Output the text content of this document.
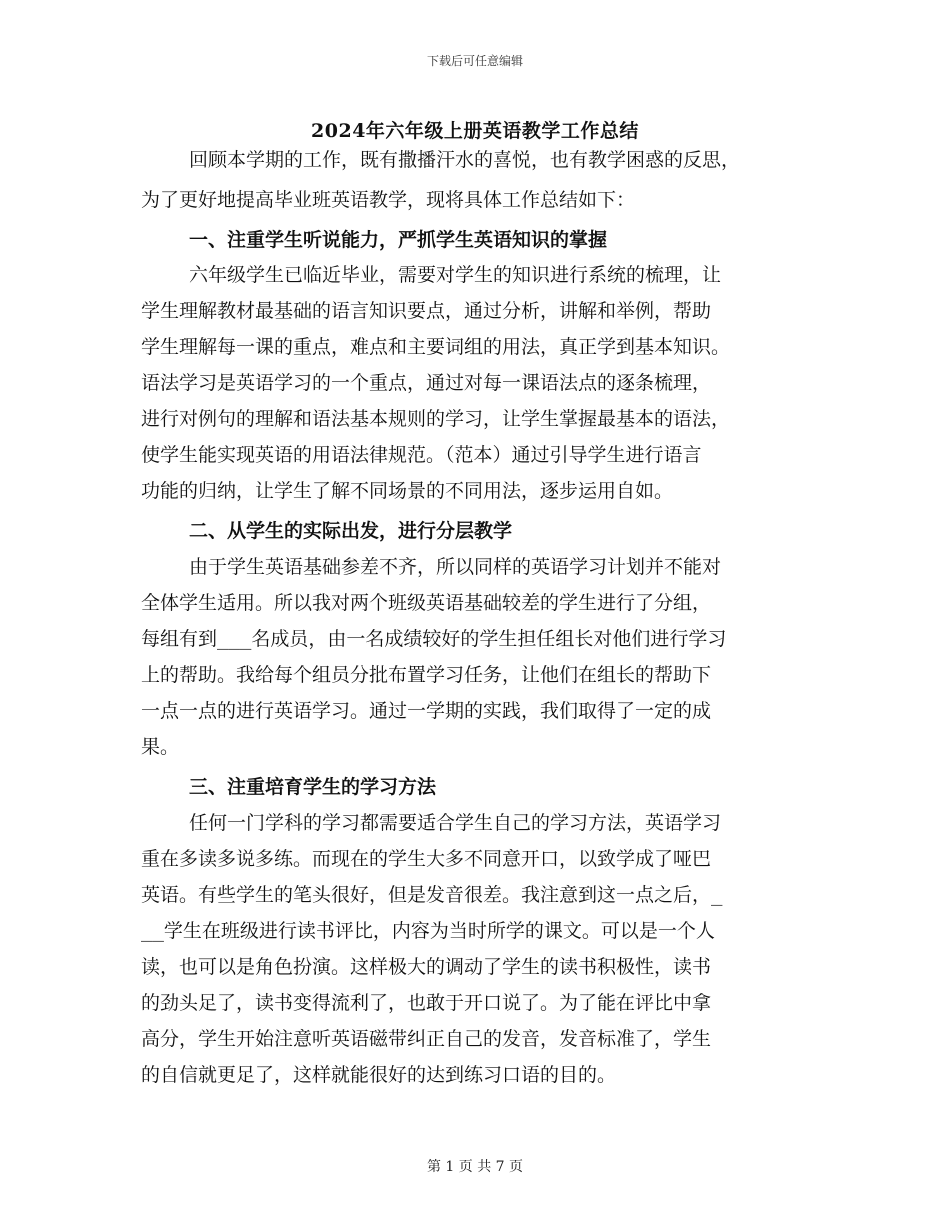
下载后可任意编辑
2024年六年级上册英语教学工作总结
回顾本学期的工作，既有撒播汗水的喜悦，也有教学困惑的反思，
为了更好地提高毕业班英语教学，现将具体工作总结如下：
一、注重学生听说能力，严抓学生英语知识的掌握
六年级学生已临近毕业，需要对学生的知识进行系统的梳理，让
学生理解教材最基础的语言知识要点，通过分析，讲解和举例，帮助
学生理解每一课的重点，难点和主要词组的用法，真正学到基本知识。
语法学习是英语学习的一个重点，通过对每一课语法点的逐条梳理，
进行对例句的理解和语法基本规则的学习，让学生掌握最基本的语法，
使学生能实现英语的用语法律规范。（范本）通过引导学生进行语言
功能的归纳，让学生了解不同场景的不同用法，逐步运用自如。
二、从学生的实际出发，进行分层教学
由于学生英语基础参差不齐，所以同样的英语学习计划并不能对
全体学生适用。所以我对两个班级英语基础较差的学生进行了分组，
每组有到___名成员，由一名成绩较好的学生担任组长对他们进行学习
上的帮助。我给每个组员分批布置学习任务，让他们在组长的帮助下
一点一点的进行英语学习。通过一学期的实践，我们取得了一定的成
果。
三、注重培育学生的学习方法
任何一门学科的学习都需要适合学生自己的学习方法，英语学习
重在多读多说多练。而现在的学生大多不同意开口，以致学成了哑巴
英语。有些学生的笔头很好，但是发音很差。我注意到这一点之后，_
__学生在班级进行读书评比，内容为当时所学的课文。可以是一个人
读，也可以是角色扮演。这样极大的调动了学生的读书积极性，读书
的劲头足了，读书变得流利了，也敢于开口说了。为了能在评比中拿
高分，学生开始注意听英语磁带纠正自己的发音，发音标准了，学生
的自信就更足了，这样就能很好的达到练习口语的目的。
第 1 页 共 7 页
